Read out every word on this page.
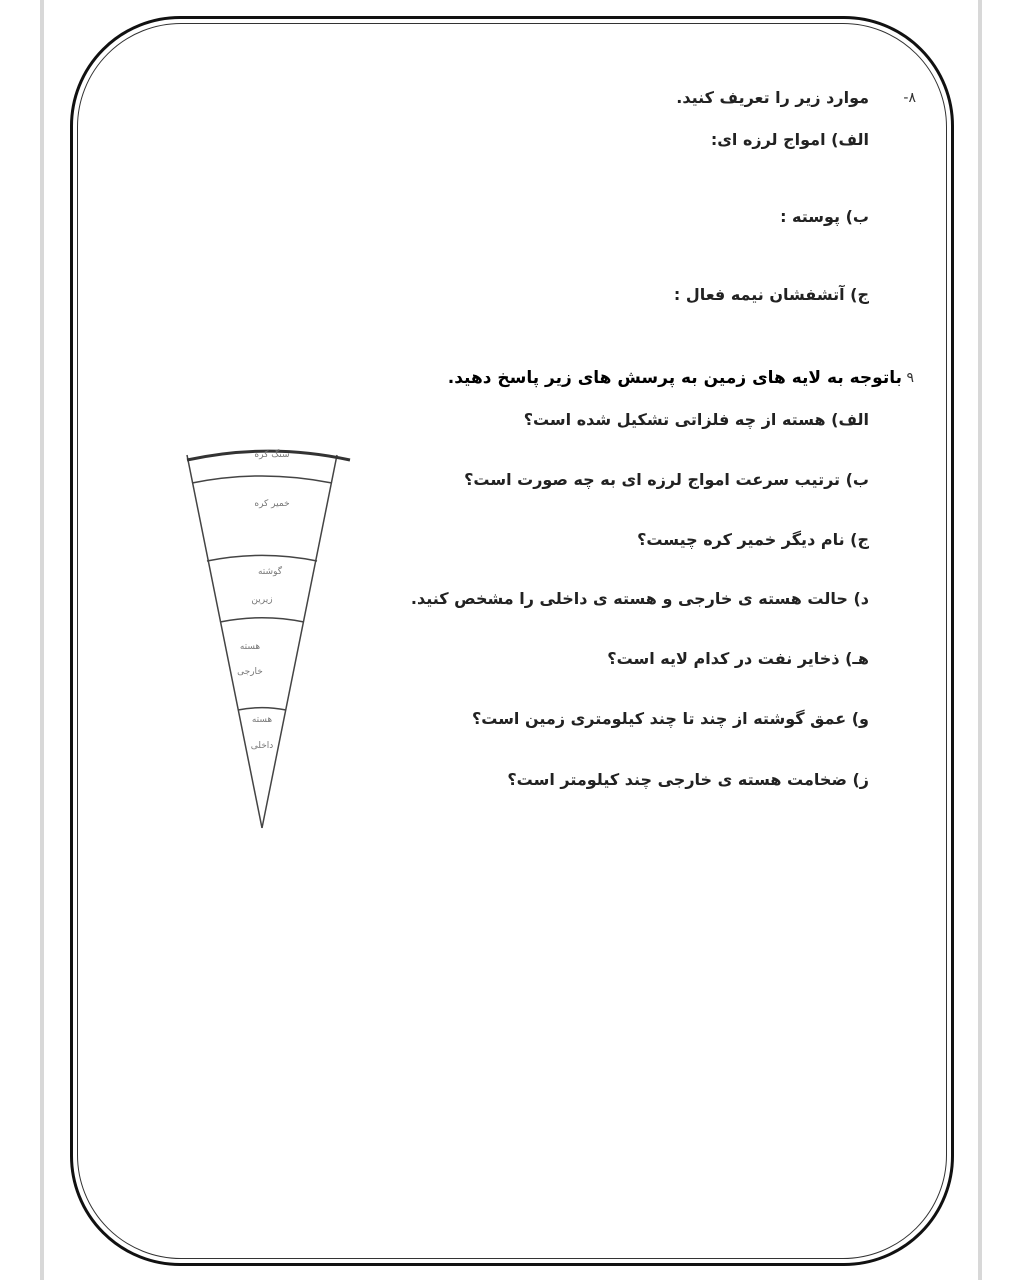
۸-
موارد زیر را تعریف کنید.
الف) امواج لرزه ای:
ب) پوسته :
ج) آتشفشان نیمه فعال :
۹
باتوجه به لایه های زمین به پرسش های زیر پاسخ دهید.
الف) هسته از چه فلزاتی تشکیل شده است؟
ب) ترتیب سرعت امواج لرزه ای به چه صورت است؟
ج) نام دیگر خمیر کره چیست؟
د) حالت هسته ی خارجی و هسته ی داخلی را مشخص کنید.
هـ) ذخایر نفت در کدام لایه است؟
و) عمق گوشته از چند تا چند کیلومتری زمین است؟
ز) ضخامت هسته ی خارجی چند کیلومتر است؟
سنگ کره
خمیر کره
گوشته
زیرین
هسته
خارجی
هسته
داخلی
